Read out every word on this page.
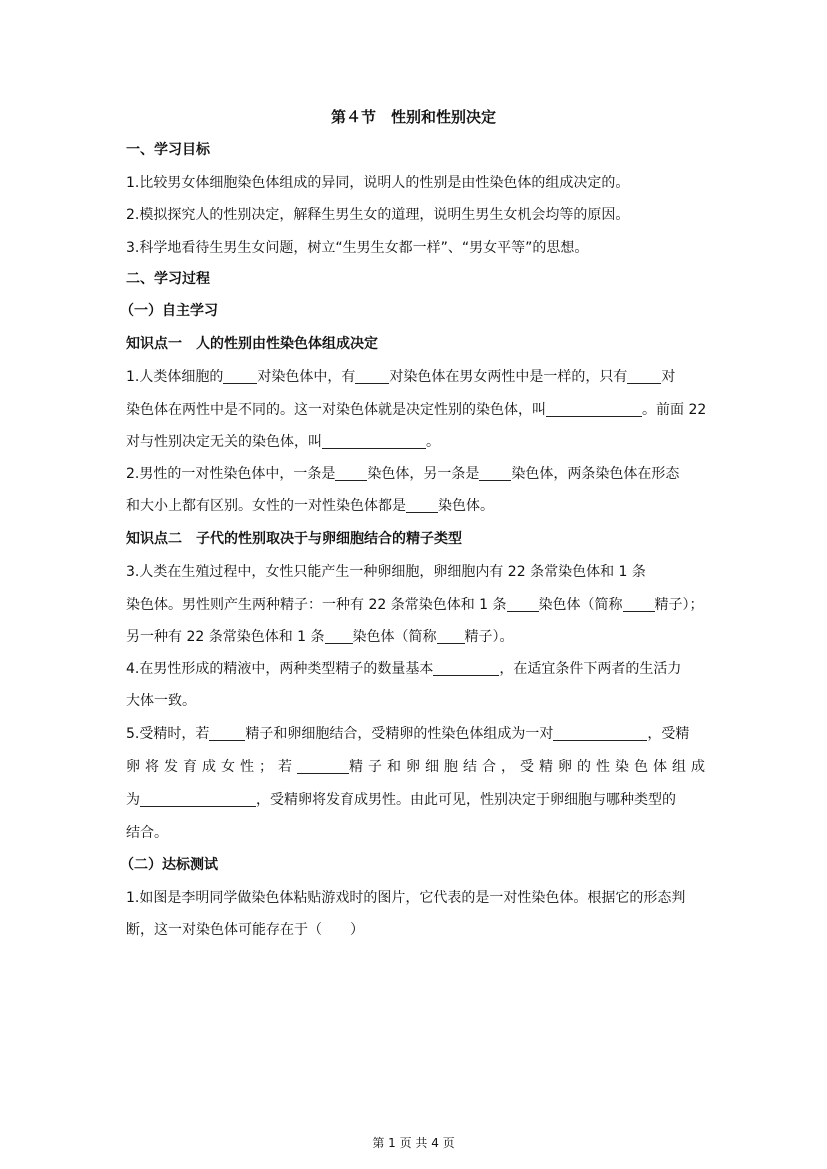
第４节　性别和性别决定
一、学习目标
1.比较男女体细胞染色体组成的异同，说明人的性别是由性染色体的组成决定的。
2.模拟探究人的性别决定，解释生男生女的道理，说明生男生女机会均等的原因。
3.科学地看待生男生女问题，树立“生男生女都一样”、“男女平等”的思想。
二、学习过程
（一）自主学习
知识点一　人的性别由性染色体组成决定
1.人类体细胞的 对染色体中，有 对染色体在男女两性中是一样的，只有 对
染色体在两性中是不同的。这一对染色体就是决定性别的染色体，叫	。前面 22
对与性别决定无关的染色体，叫	。
2.男性的一对性染色体中，一条是 染色体，另一条是 染色体，两条染色体在形态
和大小上都有区别。女性的一对性染色体都是 染色体。
知识点二　子代的性别取决于与卵细胞结合的精子类型
3.人类在生殖过程中，女性只能产生一种卵细胞，卵细胞内有 22 条常染色体和 1 条
染色体。男性则产生两种精子：一种有 22 条常染色体和 1 条 染色体（简称 精子）；
另一种有 22 条常染色体和 1 条 染色体（简称 精子）。
4.在男性形成的精液中，两种类型精子的数量基本	，在适宜条件下两者的生活力
大体一致。
5.受精时，若	精子和卵细胞结合，受精卵的性染色体组成为一对	，受精
卵将发育成女性；若	精子和卵细胞结合，受精卵的性染色体组成
为	，受精卵将发育成男性。由此可见，性别决定于卵细胞与哪种类型的
结合。
（二）达标测试
1.如图是李明同学做染色体粘贴游戏时的图片，它代表的是一对性染色体。根据它的形态判
断，这一对染色体可能存在于（　　）
第 1 页 共 4 页
